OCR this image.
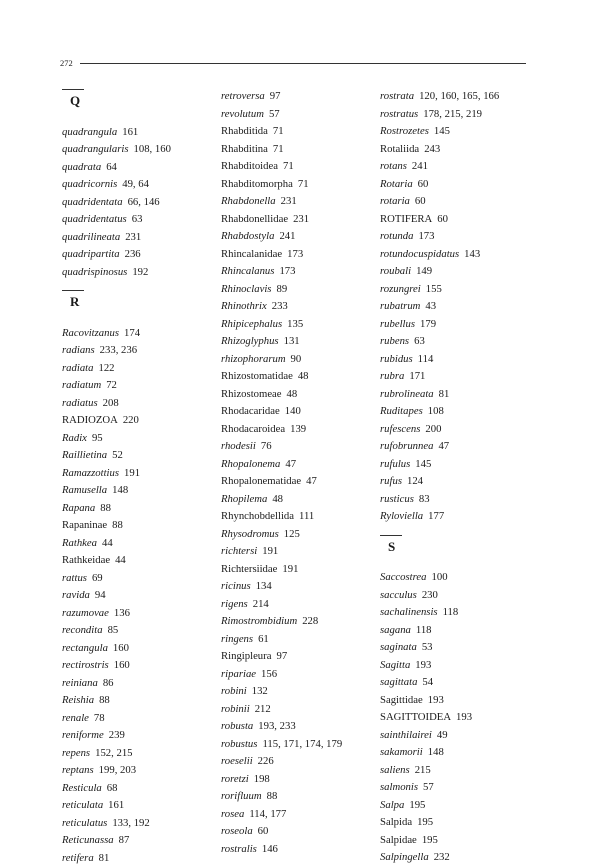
272
Q
quadrangula 161
quadrangularis 108, 160
quadrata 64
quadricornis 49, 64
quadridentata 66, 146
quadridentatus 63
quadrilineata 231
quadripartita 236
quadrispinosus 192
R
Racovitzanus 174
radians 233, 236
radiata 122
radiatum 72
radiatus 208
RADIOZOA 220
Radix 95
Raillietina 52
Ramazzottius 191
Ramusella 148
Rapana 88
Rapaninae 88
Rathkea 44
Rathkeidae 44
rattus 69
ravida 94
razumovae 136
recondita 85
rectangula 160
rectirostris 160
reiniana 86
Reishia 88
renale 78
reniforme 239
repens 152, 215
reptans 199, 203
Resticula 68
reticulata 161
reticulatus 133, 192
Reticunassa 87
retifera 81
retroversa 97
revolutum 57
Rhabditida 71
Rhabditina 71
Rhabditoidea 71
Rhabditomorpha 71
Rhabdonella 231
Rhabdonellidae 231
Rhabdostyla 241
Rhincalanidae 173
Rhincalanus 173
Rhinoclavis 89
Rhinothrix 233
Rhipicephalus 135
Rhizoglyphus 131
rhizophorarum 90
Rhizostomatidae 48
Rhizostomeae 48
Rhodacaridae 140
Rhodacaroidea 139
rhodesii 76
Rhopalonema 47
Rhopalonematidae 47
Rhopilema 48
Rhynchobdellida 111
Rhysodromus 125
richtersi 191
Richtersiidae 191
ricinus 134
rigens 214
Rimostrombidium 228
ringens 61
Ringipleura 97
ripariae 156
robini 132
robinii 212
robusta 193, 233
robustus 115, 171, 174, 179
roeselii 226
roretzi 198
rorifluum 88
rosea 114, 177
roseola 60
rostralis 146
rostrata 120, 160, 165, 166
rostratus 178, 215, 219
Rostrozetes 145
Rotaliida 243
rotans 241
Rotaria 60
rotaria 60
ROTIFERA 60
rotunda 173
rotundocuspidatus 143
roubali 149
rozungrei 155
rubatrum 43
rubellus 179
rubens 63
rubidus 114
rubra 171
rubrolineata 81
Ruditapes 108
rufescens 200
rufobrunnea 47
rufulus 145
rufus 124
rusticus 83
Ryloviella 177
S
Saccostrea 100
sacculus 230
sachalinensis 118
sagana 118
saginata 53
Sagitta 193
sagittata 54
Sagittidae 193
SAGITTOIDEA 193
sainthilairei 49
sakamorii 148
saliens 215
salmonis 57
Salpa 195
Salpida 195
Salpidae 195
Salpingella 232
